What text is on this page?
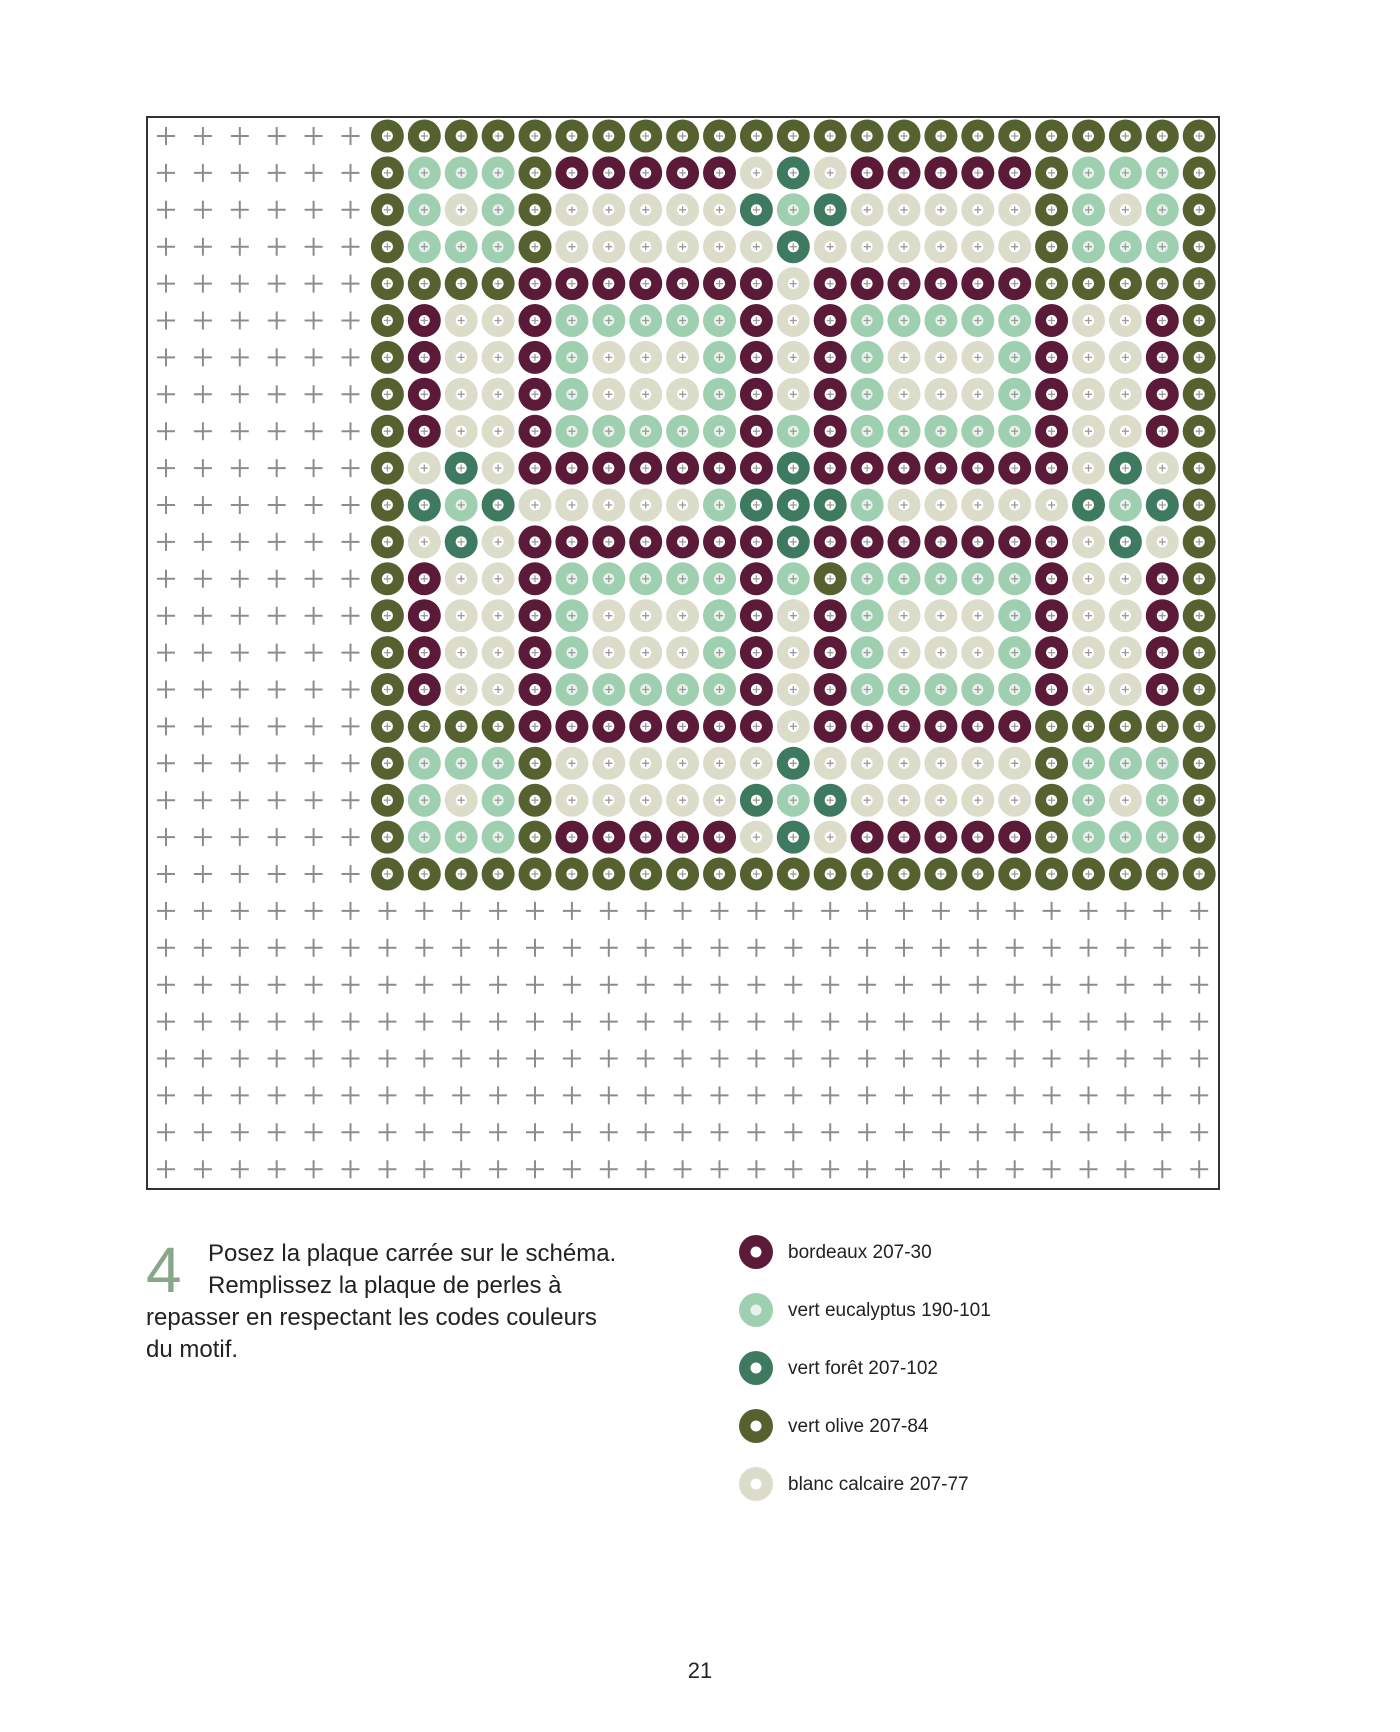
4	Posez la plaque carrée sur le schéma.
Remplissez la plaque de perles à
repasser en respectant les codes couleurs
du motif.
bordeaux 207-30
vert eucalyptus 190-101
vert forêt 207-102
vert olive 207-84
blanc calcaire 207-77
21
